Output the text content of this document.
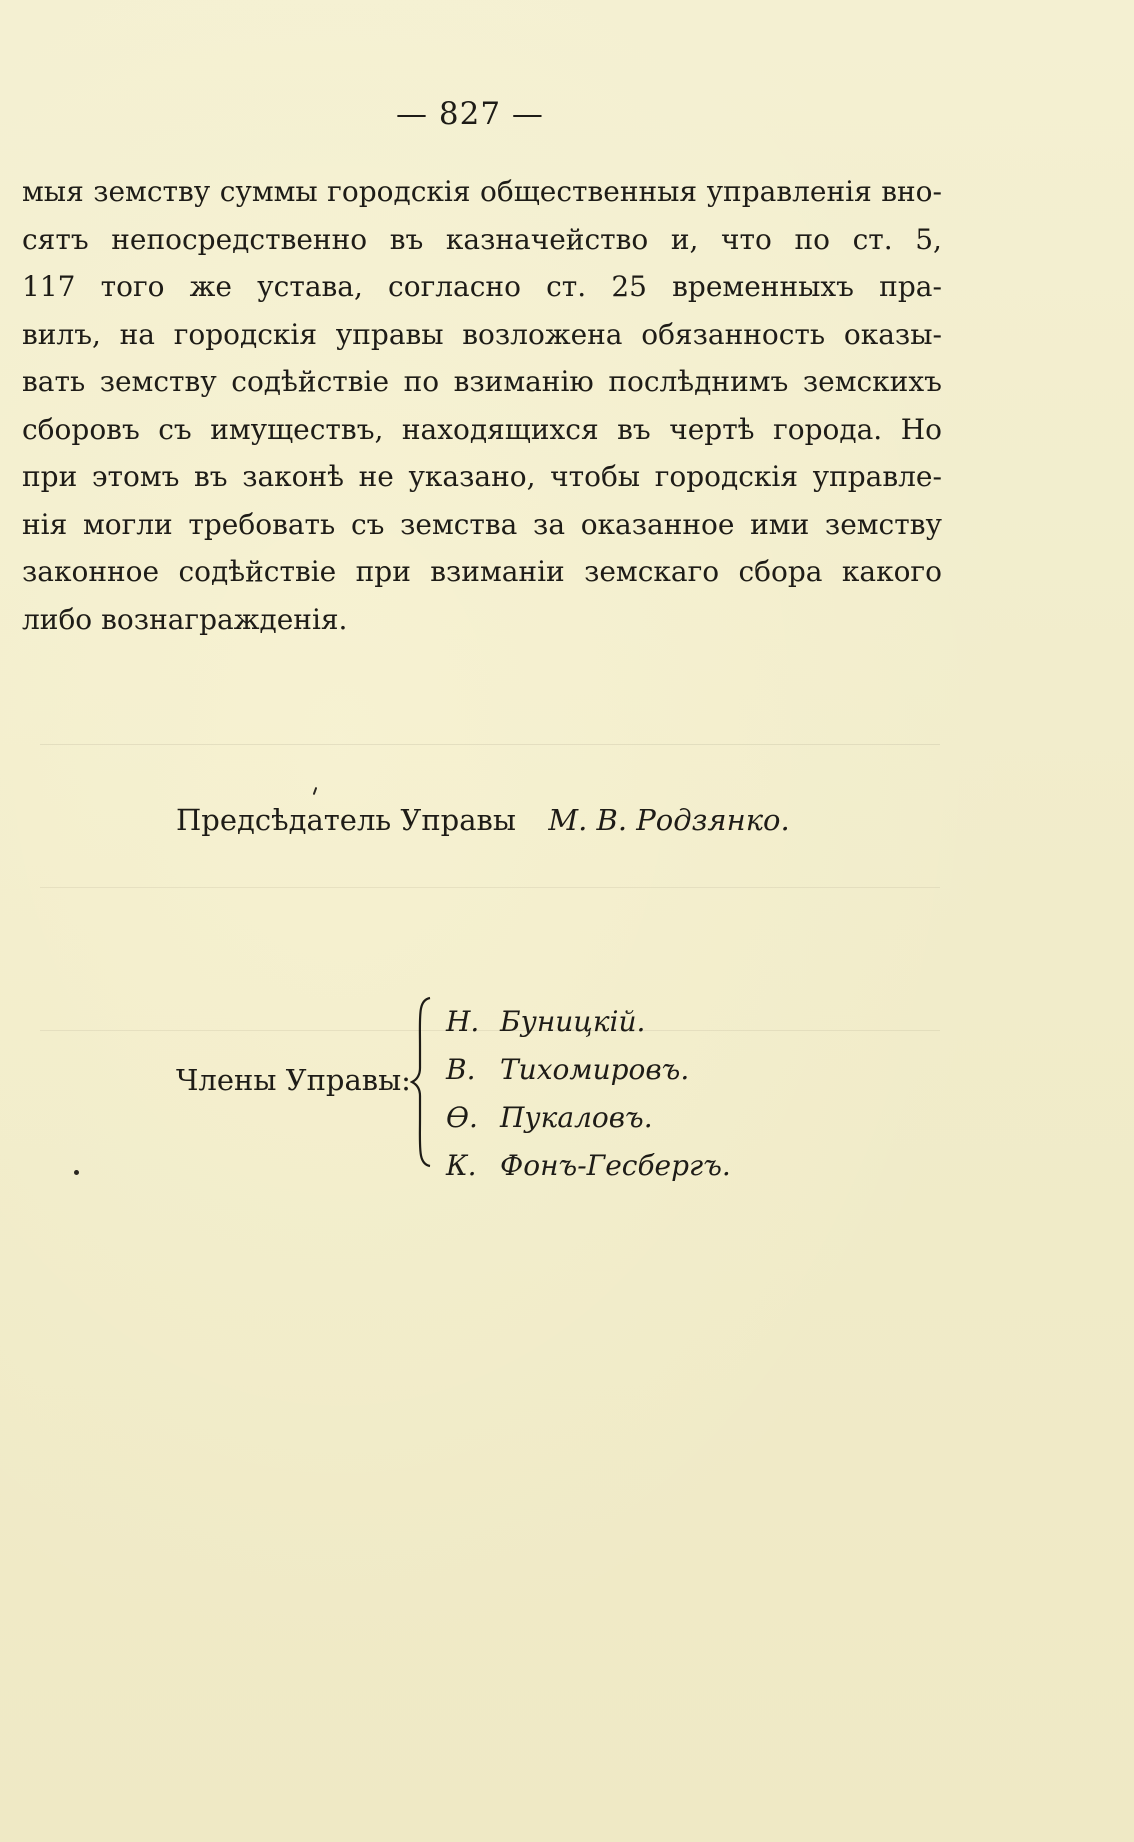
— 827 —
мыя земству суммы городскія общественныя управленія вно-
сятъ непосредственно въ казначейство и, что по ст. 5,
117 того же устава, согласно ст. 25 временныхъ пра-
вилъ, на городскія управы возложена обязанность оказы-
вать земству содѣйствіе по взиманію послѣднимъ земскихъ
сборовъ съ имуществъ, находящихся въ чертѣ города. Но
при этомъ въ законѣ не указано, чтобы городскія управле-
нія могли требовать съ земства за оказанное ими земству
законное содѣйствіе при взиманіи земскаго сбора какого
либо вознагражденія.
Предсѣдатель Управы М. В. Родзянко.
Члены Управы:
Н. Буницкій.
В. Тихомировъ.
Ѳ. Пукаловъ.
К. Фонъ-Гесбергъ.
